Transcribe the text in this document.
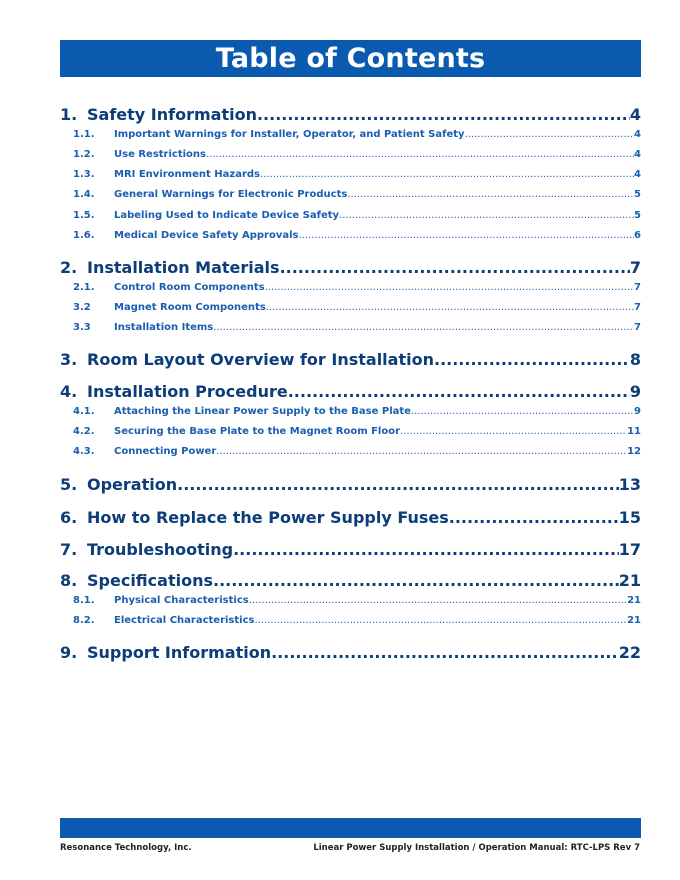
Table of Contents
1. Safety Information .....	4
1.1.	Important Warnings for Installer, Operator, and Patient Safety .....	4
1.2.	Use Restrictions .....	4
1.3.	MRI Environment Hazards .....	4
1.4.	General Warnings for Electronic Products .....	5
1.5.	Labeling Used to Indicate Device Safety .....	5
1.6.	Medical Device Safety Approvals .....	6
2. Installation Materials .....	7
2.1.	Control Room Components .....	7
3.2	Magnet Room Components .....	7
3.3	Installation Items .....	7
3. Room Layout Overview for Installation .....	8
4. Installation Procedure .....	9
4.1.	Attaching the Linear Power Supply to the Base Plate .....	9
4.2.	Securing the Base Plate to the Magnet Room Floor .....	11
4.3.	Connecting Power .....	12
5. Operation .....	13
6. How to Replace the Power Supply Fuses .....	15
7. Troubleshooting .....	17
8. Specifications .....	21
8.1.	Physical Characteristics .....	21
8.2.	Electrical Characteristics .....	21
9. Support Information .....	22
Resonance Technology, Inc.	Linear Power Supply Installation / Operation Manual: RTC-LPS Rev 7
